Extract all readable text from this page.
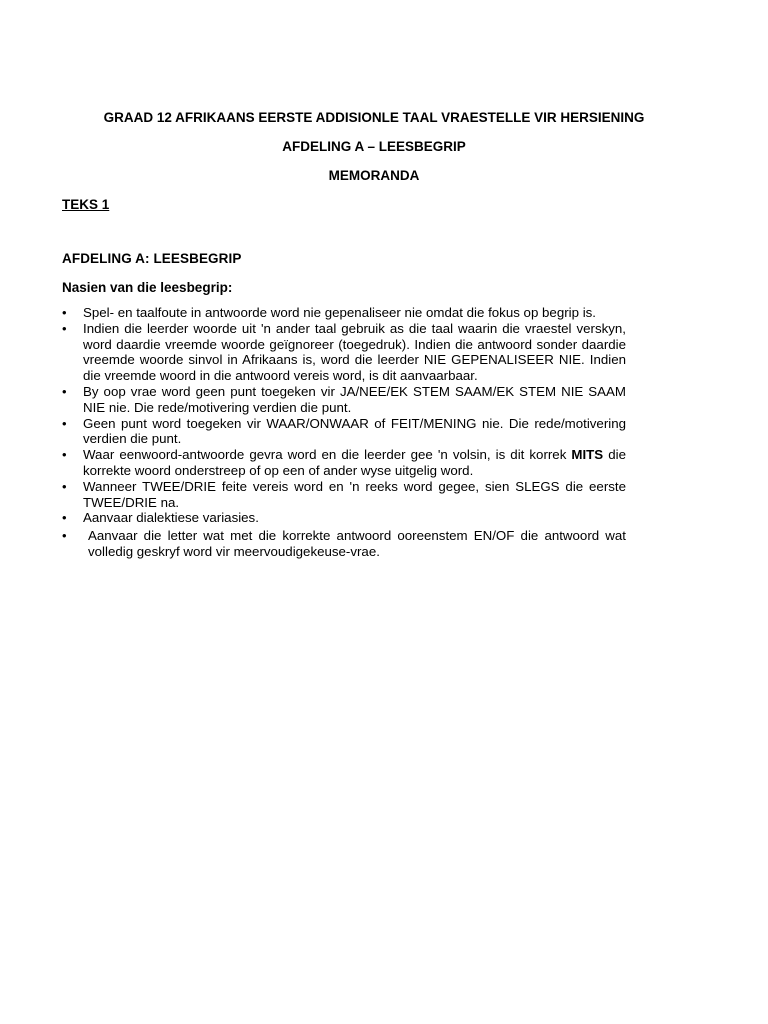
GRAAD 12 AFRIKAANS EERSTE ADDISIONLE TAAL VRAESTELLE VIR HERSIENING
AFDELING A – LEESBEGRIP
MEMORANDA
TEKS 1
AFDELING A: LEESBEGRIP
Nasien van die leesbegrip:
• Spel- en taalfoute in antwoorde word nie gepenaliseer nie omdat die fokus op begrip is.
• Indien die leerder woorde uit 'n ander taal gebruik as die taal waarin die vraestel verskyn, word daardie vreemde woorde geïgnoreer (toegedruk). Indien die antwoord sonder daardie vreemde woorde sinvol in Afrikaans is, word die leerder NIE GEPENALISEER NIE. Indien die vreemde woord in die antwoord vereis word, is dit aanvaarbaar.
• By oop vrae word geen punt toegeken vir JA/NEE/EK STEM SAAM/EK STEM NIE SAAM NIE nie. Die rede/motivering verdien die punt.
• Geen punt word toegeken vir WAAR/ONWAAR of FEIT/MENING nie. Die rede/motivering verdien die punt.
• Waar eenwoord-antwoorde gevra word en die leerder gee 'n volsin, is dit korrek MITS die korrekte woord onderstreep of op een of ander wyse uitgelig word.
• Wanneer TWEE/DRIE feite vereis word en 'n reeks word gegee, sien SLEGS die eerste TWEE/DRIE na.
• Aanvaar dialektiese variasies.
• Aanvaar die letter wat met die korrekte antwoord ooreenstem EN/OF die antwoord wat volledig geskryf word vir meervoudigekeuse-vrae.
